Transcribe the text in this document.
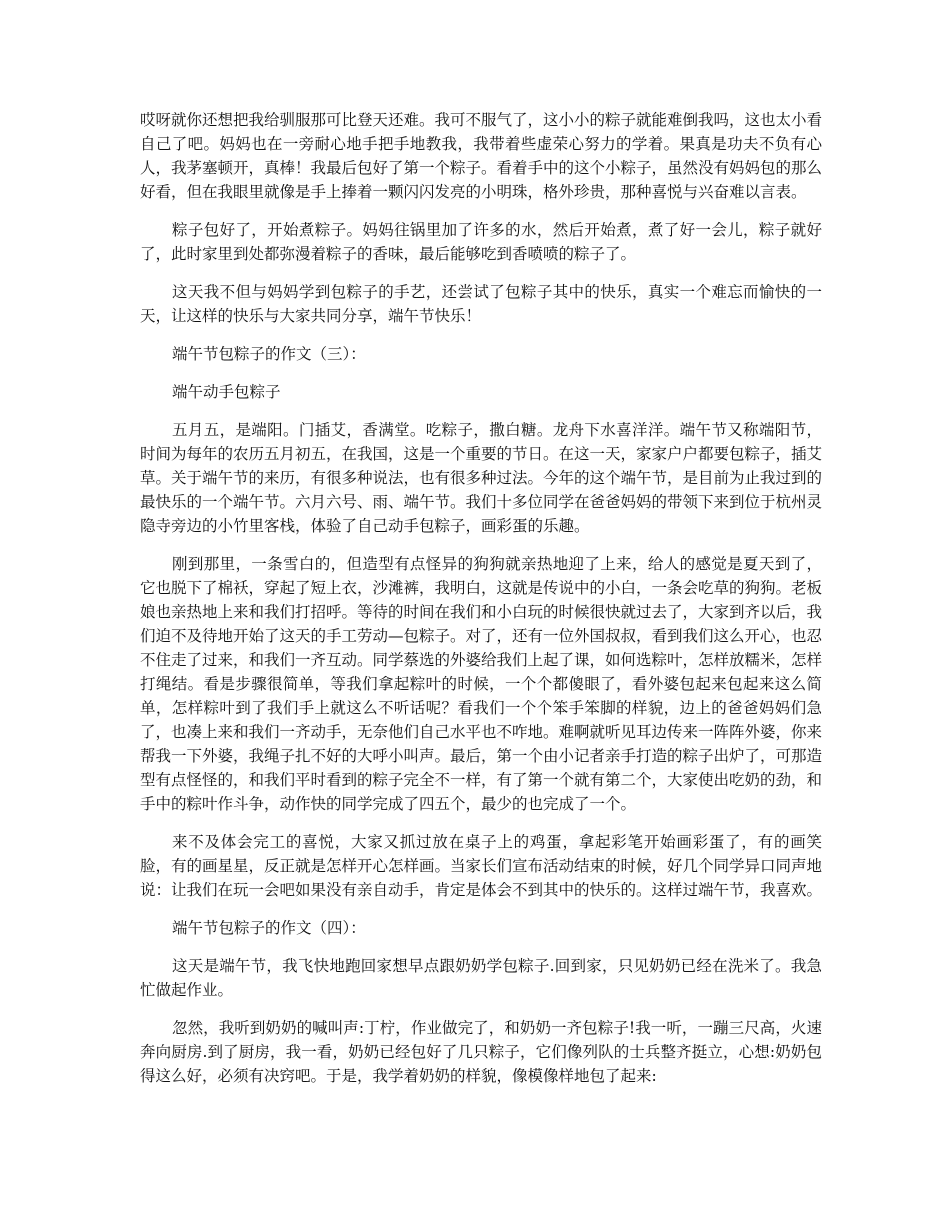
哎呀就你还想把我给驯服那可比登天还难。我可不服气了，这小小的粽子就能难倒我吗，这也太小看自己了吧。妈妈也在一旁耐心地手把手地教我，我带着些虚荣心努力的学着。果真是功夫不负有心人，我茅塞顿开，真棒！我最后包好了第一个粽子。看着手中的这个小粽子，虽然没有妈妈包的那么好看，但在我眼里就像是手上捧着一颗闪闪发亮的小明珠，格外珍贵，那种喜悦与兴奋难以言表。

粽子包好了，开始煮粽子。妈妈往锅里加了许多的水，然后开始煮，煮了好一会儿，粽子就好了，此时家里到处都弥漫着粽子的香味，最后能够吃到香喷喷的粽子了。

这天我不但与妈妈学到包粽子的手艺，还尝试了包粽子其中的快乐，真实一个难忘而愉快的一天，让这样的快乐与大家共同分享，端午节快乐！

端午节包粽子的作文（三）：

端午动手包粽子

五月五，是端阳。门插艾，香满堂。吃粽子，撒白糖。龙舟下水喜洋洋。端午节又称端阳节，时间为每年的农历五月初五，在我国，这是一个重要的节日。在这一天，家家户户都要包粽子，插艾草。关于端午节的来历，有很多种说法，也有很多种过法。今年的这个端午节，是目前为止我过到的最快乐的一个端午节。六月六号、雨、端午节。我们十多位同学在爸爸妈妈的带领下来到位于杭州灵隐寺旁边的小竹里客栈，体验了自己动手包粽子，画彩蛋的乐趣。

刚到那里，一条雪白的，但造型有点怪异的狗狗就亲热地迎了上来，给人的感觉是夏天到了，它也脱下了棉袄，穿起了短上衣，沙滩裤，我明白，这就是传说中的小白，一条会吃草的狗狗。老板娘也亲热地上来和我们打招呼。等待的时间在我们和小白玩的时候很快就过去了，大家到齐以后，我们迫不及待地开始了这天的手工劳动—包粽子。对了，还有一位外国叔叔，看到我们这么开心，也忍不住走了过来，和我们一齐互动。同学蔡选的外婆给我们上起了课，如何选粽叶，怎样放糯米，怎样打绳结。看是步骤很简单，等我们拿起粽叶的时候，一个个都傻眼了，看外婆包起来包起来这么简单，怎样粽叶到了我们手上就这么不听话呢？看我们一个个笨手笨脚的样貌，边上的爸爸妈妈们急了，也凑上来和我们一齐动手，无奈他们自己水平也不咋地。难啊就听见耳边传来一阵阵外婆，你来帮我一下外婆，我绳子扎不好的大呼小叫声。最后，第一个由小记者亲手打造的粽子出炉了，可那造型有点怪怪的，和我们平时看到的粽子完全不一样，有了第一个就有第二个，大家使出吃奶的劲，和手中的粽叶作斗争，动作快的同学完成了四五个，最少的也完成了一个。

来不及体会完工的喜悦，大家又抓过放在桌子上的鸡蛋，拿起彩笔开始画彩蛋了，有的画笑脸，有的画星星，反正就是怎样开心怎样画。当家长们宣布活动结束的时候，好几个同学异口同声地说：让我们在玩一会吧如果没有亲自动手，肯定是体会不到其中的快乐的。这样过端午节，我喜欢。

端午节包粽子的作文（四）：

这天是端午节，我飞快地跑回家想早点跟奶奶学包粽子.回到家，只见奶奶已经在洗米了。我急忙做起作业。

忽然，我听到奶奶的喊叫声:丁柠，作业做完了，和奶奶一齐包粽子!我一听，一蹦三尺高，火速奔向厨房.到了厨房，我一看，奶奶已经包好了几只粽子，它们像列队的士兵整齐挺立，心想:奶奶包得这么好，必须有决窍吧。于是，我学着奶奶的样貌，像模像样地包了起来:
